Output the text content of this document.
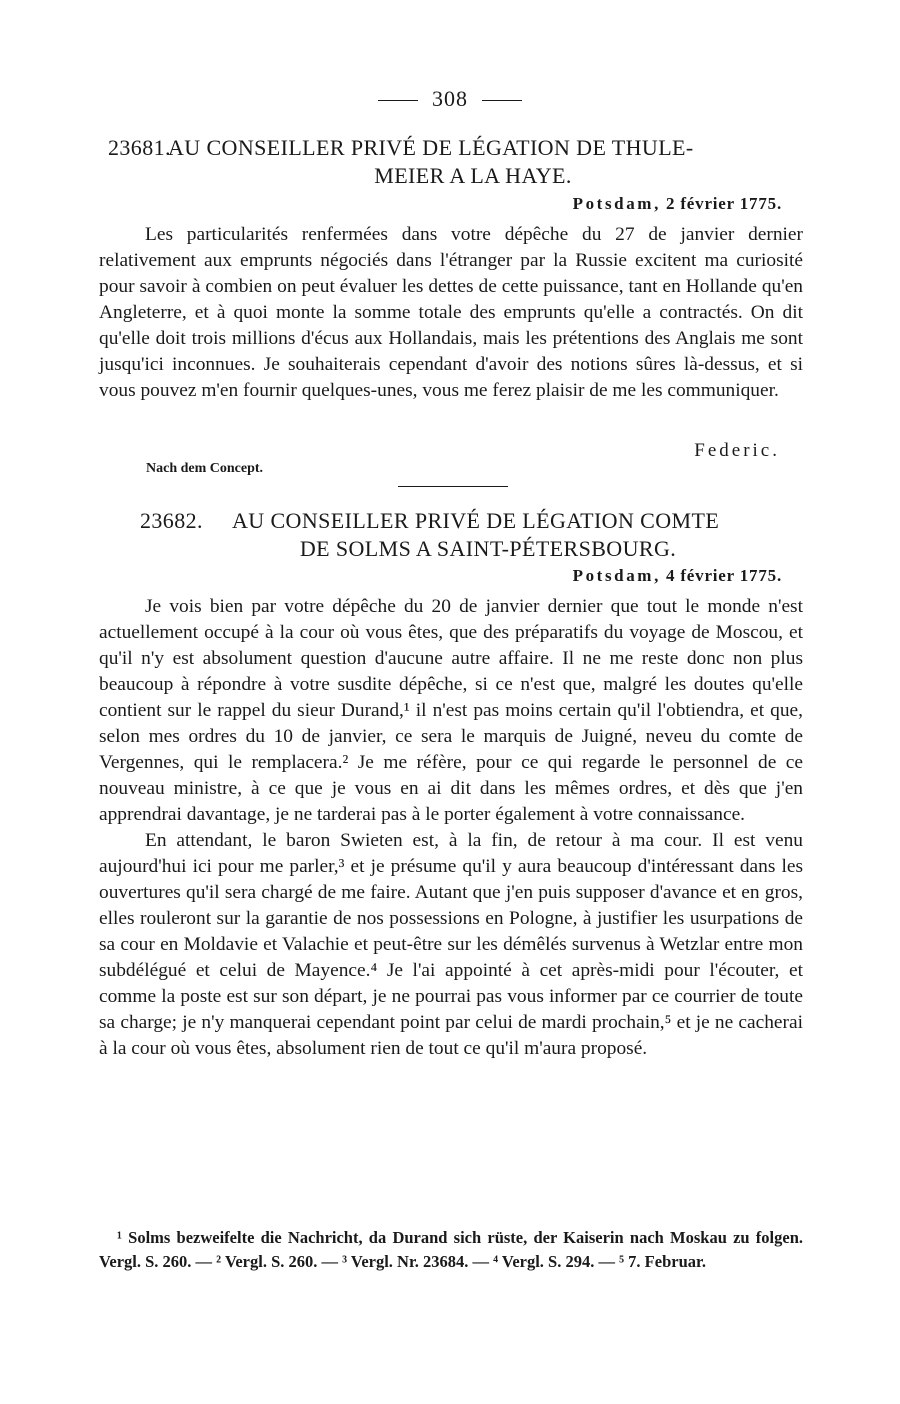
308
23681.
AU CONSEILLER PRIVÉ DE LÉGATION DE THULE-
MEIER A LA HAYE.
Potsdam, 2 février 1775.

Les particularités renfermées dans votre dépêche du 27 de janvier dernier relativement aux emprunts négociés dans l'étranger par la Russie excitent ma curiosité pour savoir à combien on peut évaluer les dettes de cette puissance, tant en Hollande qu'en Angleterre, et à quoi monte la somme totale des emprunts qu'elle a contractés. On dit qu'elle doit trois millions d'écus aux Hollandais, mais les prétentions des Anglais me sont jusqu'ici inconnues. Je souhaiterais cependant d'avoir des notions sûres là-dessus, et si vous pouvez m'en fournir quelques-unes, vous me ferez plaisir de me les communiquer.

Federic.
Nach dem Concept.
23682.	AU CONSEILLER PRIVÉ DE LÉGATION COMTE
DE SOLMS A SAINT-PÉTERSBOURG.
Potsdam, 4 février 1775.

Je vois bien par votre dépêche du 20 de janvier dernier que tout le monde n'est actuellement occupé à la cour où vous êtes, que des préparatifs du voyage de Moscou, et qu'il n'y est absolument question d'aucune autre affaire. Il ne me reste donc non plus beaucoup à répondre à votre susdite dépêche, si ce n'est que, malgré les doutes qu'elle contient sur le rappel du sieur Durand,¹ il n'est pas moins certain qu'il l'obtiendra, et que, selon mes ordres du 10 de janvier, ce sera le marquis de Juigné, neveu du comte de Vergennes, qui le remplacera.² Je me réfère, pour ce qui regarde le personnel de ce nouveau ministre, à ce que je vous en ai dit dans les mêmes ordres, et dès que j'en apprendrai davantage, je ne tarderai pas à le porter également à votre connaissance.

En attendant, le baron Swieten est, à la fin, de retour à ma cour. Il est venu aujourd'hui ici pour me parler,³ et je présume qu'il y aura beaucoup d'intéressant dans les ouvertures qu'il sera chargé de me faire. Autant que j'en puis supposer d'avance et en gros, elles rouleront sur la garantie de nos possessions en Pologne, à justifier les usurpations de sa cour en Moldavie et Valachie et peut-être sur les démêlés survenus à Wetzlar entre mon subdélégué et celui de Mayence.⁴ Je l'ai appointé à cet après-midi pour l'écouter, et comme la poste est sur son départ, je ne pourrai pas vous informer par ce courrier de toute sa charge; je n'y manquerai cependant point par celui de mardi prochain,⁵ et je ne cacherai à la cour où vous êtes, absolument rien de tout ce qu'il m'aura proposé.

¹ Solms bezweifelte die Nachricht, da Durand sich rüste, der Kaiserin nach Moskau zu folgen. Vergl. S. 260. — ² Vergl. S. 260. — ³ Vergl. Nr. 23684. — ⁴ Vergl. S. 294. — ⁵ 7. Februar.
